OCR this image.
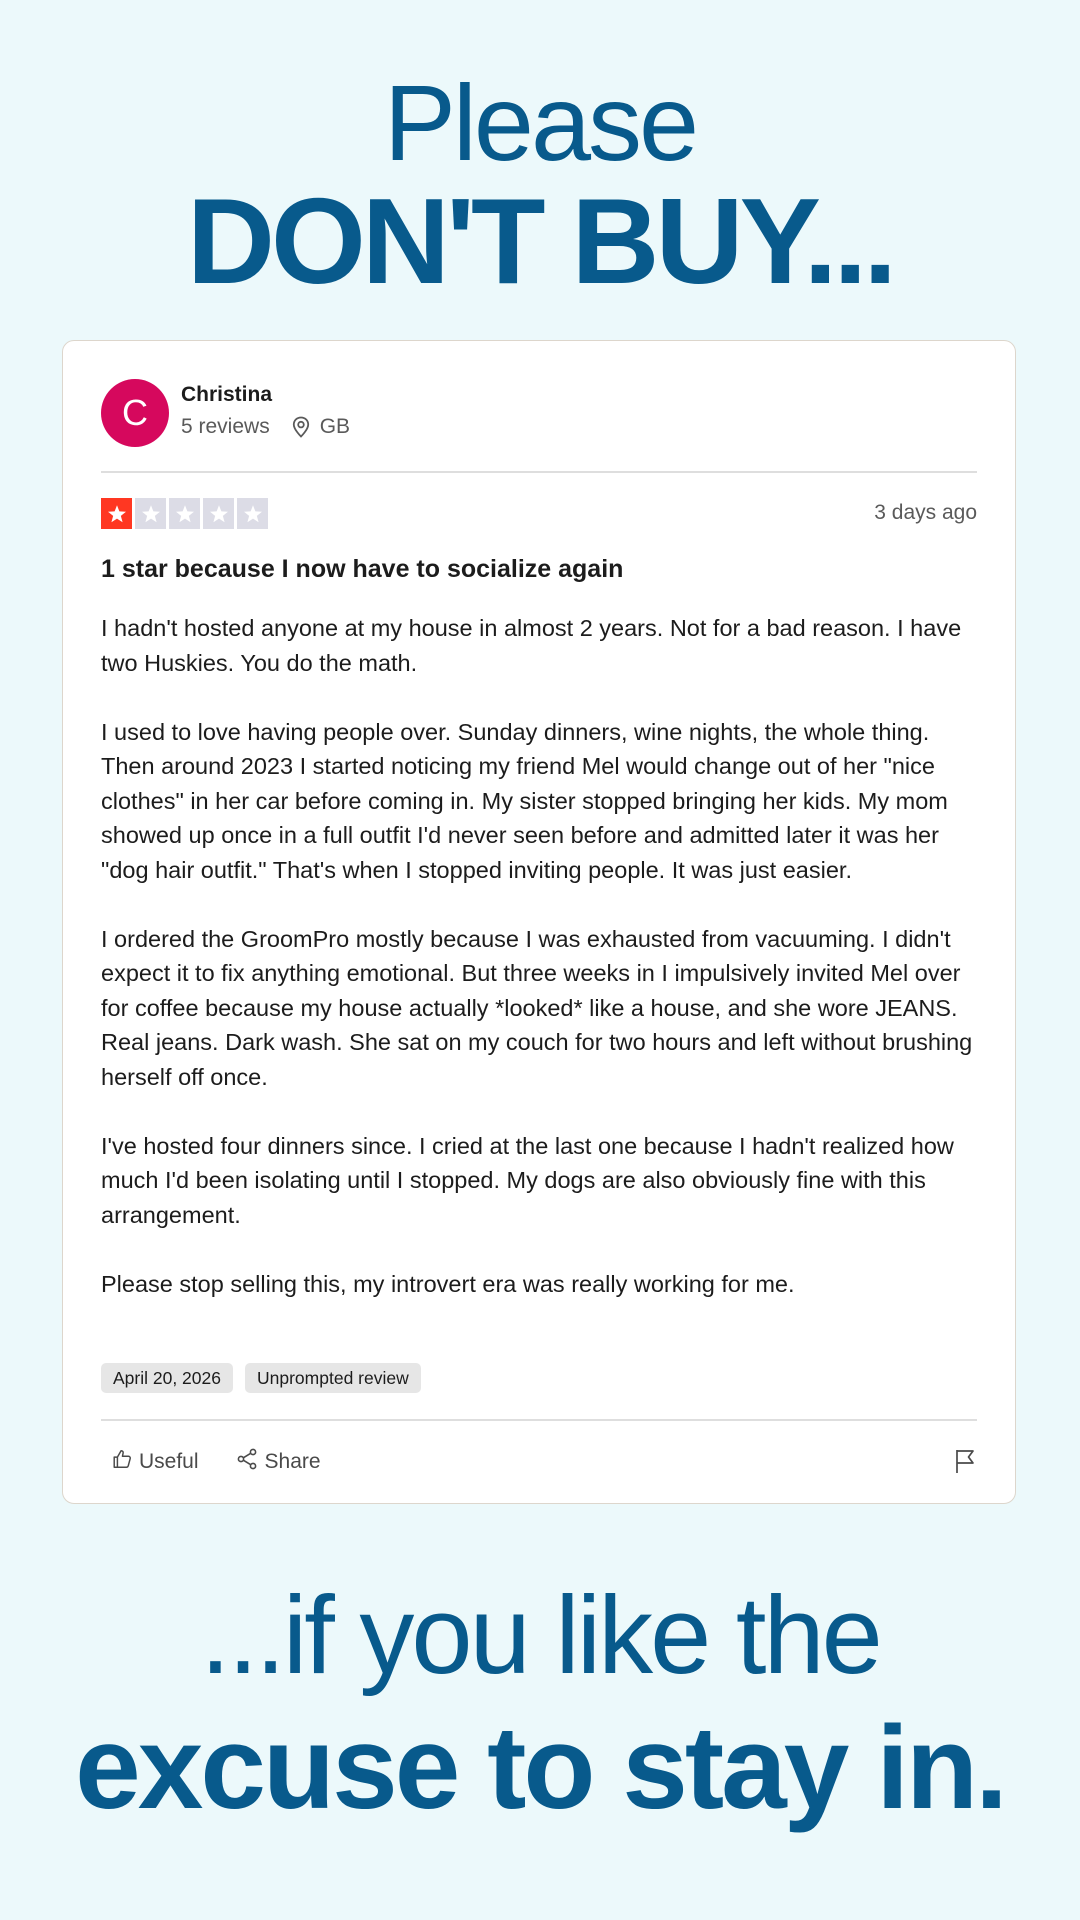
Please
DON'T BUY...
C	Christina
5 reviews GB
3 days ago
1 star because I now have to socialize again

I hadn't hosted anyone at my house in almost 2 years. Not for a bad reason. I have two Huskies. You do the math.

I used to love having people over. Sunday dinners, wine nights, the whole thing. Then around 2023 I started noticing my friend Mel would change out of her "nice clothes" in her car before coming in. My sister stopped bringing her kids. My mom showed up once in a full outfit I'd never seen before and admitted later it was her "dog hair outfit." That's when I stopped inviting people. It was just easier.

I ordered the GroomPro mostly because I was exhausted from vacuuming. I didn't expect it to fix anything emotional. But three weeks in I impulsively invited Mel over for coffee because my house actually *looked* like a house, and she wore JEANS. Real jeans. Dark wash. She sat on my couch for two hours and left without brushing herself off once.

I've hosted four dinners since. I cried at the last one because I hadn't realized how much I'd been isolating until I stopped. My dogs are also obviously fine with this arrangement.

Please stop selling this, my introvert era was really working for me.

April 20, 2026	Unprompted review
Useful	Share
...if you like the
excuse to stay in.
